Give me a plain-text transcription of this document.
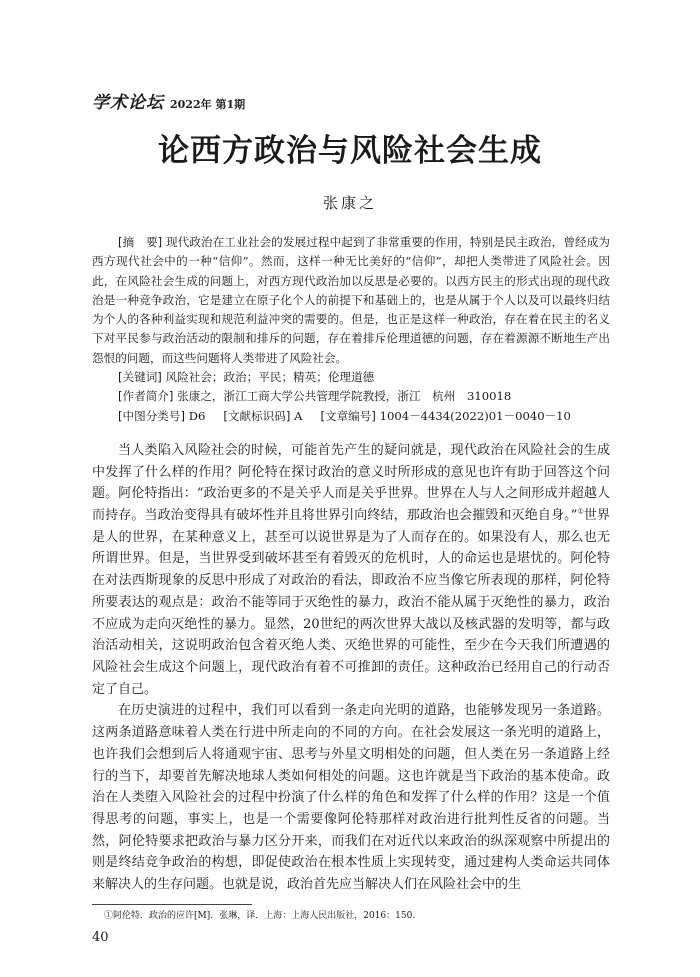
学术论坛 2022年 第1期
论西方政治与风险社会生成
张康之

[摘　要] 现代政治在工业社会的发展过程中起到了非常重要的作用，特别是民主政治，曾经成为西方现代社会中的一种“信仰”。然而，这样一种无比美好的“信仰”，却把人类带进了风险社会。因此，在风险社会生成的问题上，对西方现代政治加以反思是必要的。以西方民主的形式出现的现代政治是一种竞争政治，它是建立在原子化个人的前提下和基础上的，也是从属于个人以及可以最终归结为个人的各种利益实现和规范利益冲突的需要的。但是，也正是这样一种政治，存在着在民主的名义下对平民参与政治活动的限制和排斥的问题，存在着排斥伦理道德的问题，存在着源源不断地生产出怨恨的问题，而这些问题将人类带进了风险社会。

[关键词] 风险社会；政治；平民；精英；伦理道德

[作者简介] 张康之，浙江工商大学公共管理学院教授，浙江　杭州　310018

[中图分类号] D6 [文献标识码] A [文章编号] 1004－4434(2022)01－0040－10

当人类陷入风险社会的时候，可能首先产生的疑问就是，现代政治在风险社会的生成中发挥了什么样的作用？阿伦特在探讨政治的意义时所形成的意见也许有助于回答这个问题。阿伦特指出：“政治更多的不是关乎人而是关乎世界。世界在人与人之间形成并超越人而持存。当政治变得具有破坏性并且将世界引向终结，那政治也会摧毁和灭绝自身。”①世界是人的世界，在某种意义上，甚至可以说世界是为了人而存在的。如果没有人，那么也无所谓世界。但是，当世界受到破坏甚至有着毁灭的危机时，人的命运也是堪忧的。阿伦特在对法西斯现象的反思中形成了对政治的看法，即政治不应当像它所表现的那样，阿伦特所要表达的观点是：政治不能等同于灭绝性的暴力，政治不能从属于灭绝性的暴力，政治不应成为走向灭绝性的暴力。显然，20世纪的两次世界大战以及核武器的发明等，都与政治活动相关，这说明政治包含着灭绝人类、灭绝世界的可能性，至少在今天我们所遭遇的风险社会生成这个问题上，现代政治有着不可推卸的责任。这种政治已经用自己的行动否定了自己。

在历史演进的过程中，我们可以看到一条走向光明的道路，也能够发现另一条道路。这两条道路意味着人类在行进中所走向的不同的方向。在社会发展这一条光明的道路上，也许我们会想到后人将通观宇宙、思考与外星文明相处的问题，但人类在另一条道路上经行的当下，却要首先解决地球人类如何相处的问题。这也许就是当下政治的基本使命。政治在人类堕入风险社会的过程中扮演了什么样的角色和发挥了什么样的作用？这是一个值得思考的问题，事实上，也是一个需要像阿伦特那样对政治进行批判性反省的问题。当然，阿伦特要求把政治与暴力区分开来，而我们在对近代以来政治的纵深观察中所提出的则是终结竞争政治的构想，即促使政治在根本性质上实现转变，通过建构人类命运共同体来解决人的生存问题。也就是说，政治首先应当解决人们在风险社会中的生

①阿伦特．政治的应许[M]．张琳，译．上海：上海人民出版社，2016：150.
40
